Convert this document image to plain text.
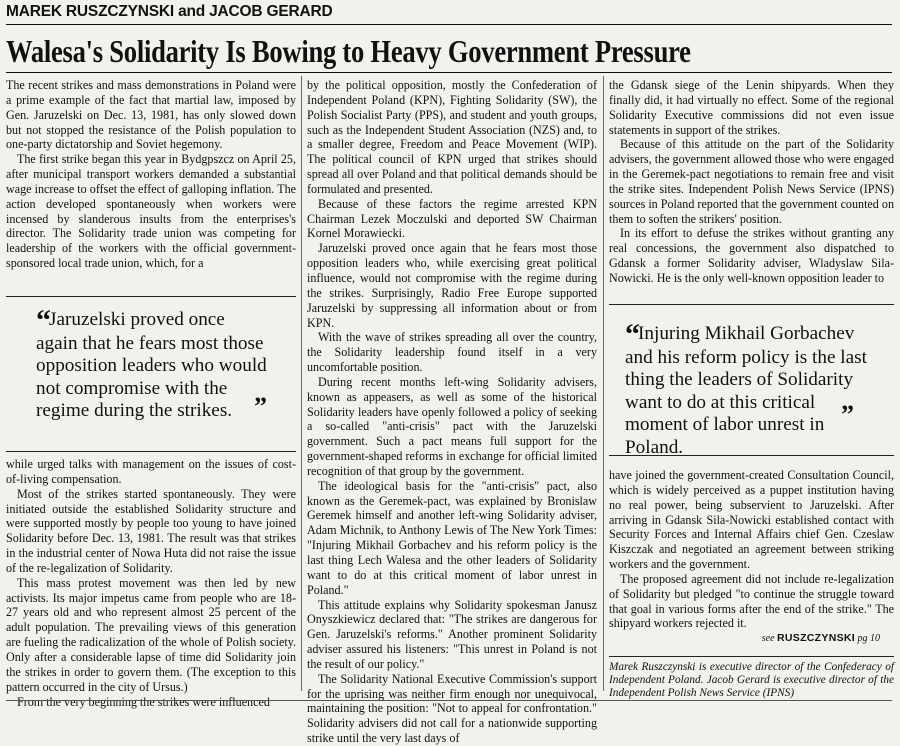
MAREK RUSZCZYNSKI and JACOB GERARD
Walesa's Solidarity Is Bowing to Heavy Government Pressure

The recent strikes and mass demonstrations in Poland were a prime example of the fact that martial law, imposed by Gen. Jaruzelski on Dec. 13, 1981, has only slowed down but not stopped the resistance of the Polish population to one-party dictatorship and Soviet hegemony.

The first strike began this year in Bydgpszcz on April 25, after municipal transport workers demanded a substantial wage increase to offset the effect of galloping inflation. The action developed spontaneously when workers were incensed by slanderous insults from the enterprises's director. The Solidarity trade union was competing for leadership of the workers with the official government-sponsored local trade union, which, for a

while urged talks with management on the issues of cost-of-living compensation.

Most of the strikes started spontaneously. They were initiated outside the established Solidarity structure and were supported mostly by people too young to have joined Solidarity before Dec. 13, 1981. The result was that strikes in the industrial center of Nowa Huta did not raise the issue of the re-legalization of Solidarity.

This mass protest movement was then led by new activists. Its major impetus came from people who are 18-27 years old and who represent almost 25 percent of the adult population. The prevailing views of this generation are fueling the radicalization of the whole of Polish society. Only after a considerable lapse of time did Solidarity join the strikes in order to govern them. (The exception to this pattern occurred in the city of Ursus.)

From the very beginning the strikes were influenced

“Jaruzelski proved once again that he fears most those opposition leaders who would not compromise with the regime during the strikes. ”

by the political opposition, mostly the Confederation of Independent Poland (KPN), Fighting Solidarity (SW), the Polish Socialist Party (PPS), and student and youth groups, such as the Independent Student Association (NZS) and, to a smaller degree, Freedom and Peace Movement (WIP). The political council of KPN urged that strikes should spread all over Poland and that political demands should be formulated and presented.

Because of these factors the regime arrested KPN Chairman Lezek Moczulski and deported SW Chairman Kornel Morawiecki.

Jaruzelski proved once again that he fears most those opposition leaders who, while exercising great political influence, would not compromise with the regime during the strikes. Surprisingly, Radio Free Europe supported Jaruzelski by suppressing all information about or from KPN.

With the wave of strikes spreading all over the country, the Solidarity leadership found itself in a very uncomfortable position.

During recent months left-wing Solidarity advisers, known as appeasers, as well as some of the historical Solidarity leaders have openly followed a policy of seeking a so-called "anti-crisis" pact with the Jaruzelski government. Such a pact means full support for the government-shaped reforms in exchange for official limited recognition of that group by the government.

The ideological basis for the "anti-crisis" pact, also known as the Geremek-pact, was explained by Bronislaw Geremek himself and another left-wing Solidarity adviser, Adam Michnik, to Anthony Lewis of The New York Times: "Injuring Mikhail Gorbachev and his reform policy is the last thing Lech Walesa and the other leaders of Solidarity want to do at this critical moment of labor unrest in Poland."

This attitude explains why Solidarity spokesman Janusz Onyszkiewicz declared that: "The strikes are dangerous for Gen. Jaruzelski's reforms." Another prominent Solidarity adviser assured his listeners: "This unrest in Poland is not the result of our policy."

The Solidarity National Executive Commission's support for the uprising was neither firm enough nor unequivocal, maintaining the position: "Not to appeal for confrontation." Solidarity advisers did not call for a nationwide supporting strike until the very last days of

the Gdansk siege of the Lenin shipyards. When they finally did, it had virtually no effect. Some of the regional Solidarity Executive commissions did not even issue statements in support of the strikes.

Because of this attitude on the part of the Solidarity advisers, the government allowed those who were engaged in the Geremek-pact negotiations to remain free and visit the strike sites. Independent Polish News Service (IPNS) sources in Poland reported that the government counted on them to soften the strikers' position.

In its effort to defuse the strikes without granting any real concessions, the government also dispatched to Gdansk a former Solidarity adviser, Wladyslaw Sila-Nowicki. He is the only well-known opposition leader to

have joined the government-created Consultation Council, which is widely perceived as a puppet institution having no real power, being subservient to Jaruzelski. After arriving in Gdansk Sila-Nowicki established contact with Security Forces and Internal Affairs chief Gen. Czeslaw Kiszczak and negotiated an agreement between striking workers and the government.

The proposed agreement did not include re-legalization of Solidarity but pledged "to continue the struggle toward that goal in various forms after the end of the strike." The shipyard workers rejected it.

“Injuring Mikhail Gorbachev and his reform policy is the last thing the leaders of Solidarity want to do at this critical moment of labor unrest in Poland.
”
see RUSZCZYNSKI pg 10
Marek Ruszczynski is executive director of the Confederacy of Independent Poland. Jacob Gerard is executive director of the Independent Polish News Service (IPNS)
